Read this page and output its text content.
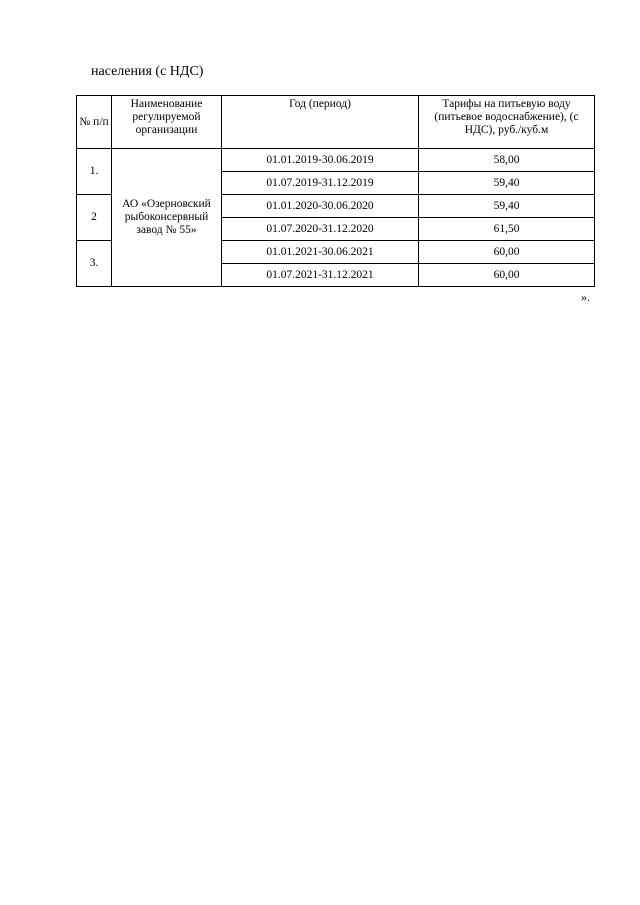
населения (с НДС)
№ п/п	Наименование регулируемой организации	Год (период)	Тарифы на питьевую воду (питьевое водоснабжение), (с НДС), руб./куб.м
1.	АО «Озерновский рыбоконсервный завод № 55»	01.01.2019-30.06.2019	58,00
		01.07.2019-31.12.2019	59,40
2		01.01.2020-30.06.2020	59,40
		01.07.2020-31.12.2020	61,50
3.		01.01.2021-30.06.2021	60,00
		01.07.2021-31.12.2021	60,00
».
